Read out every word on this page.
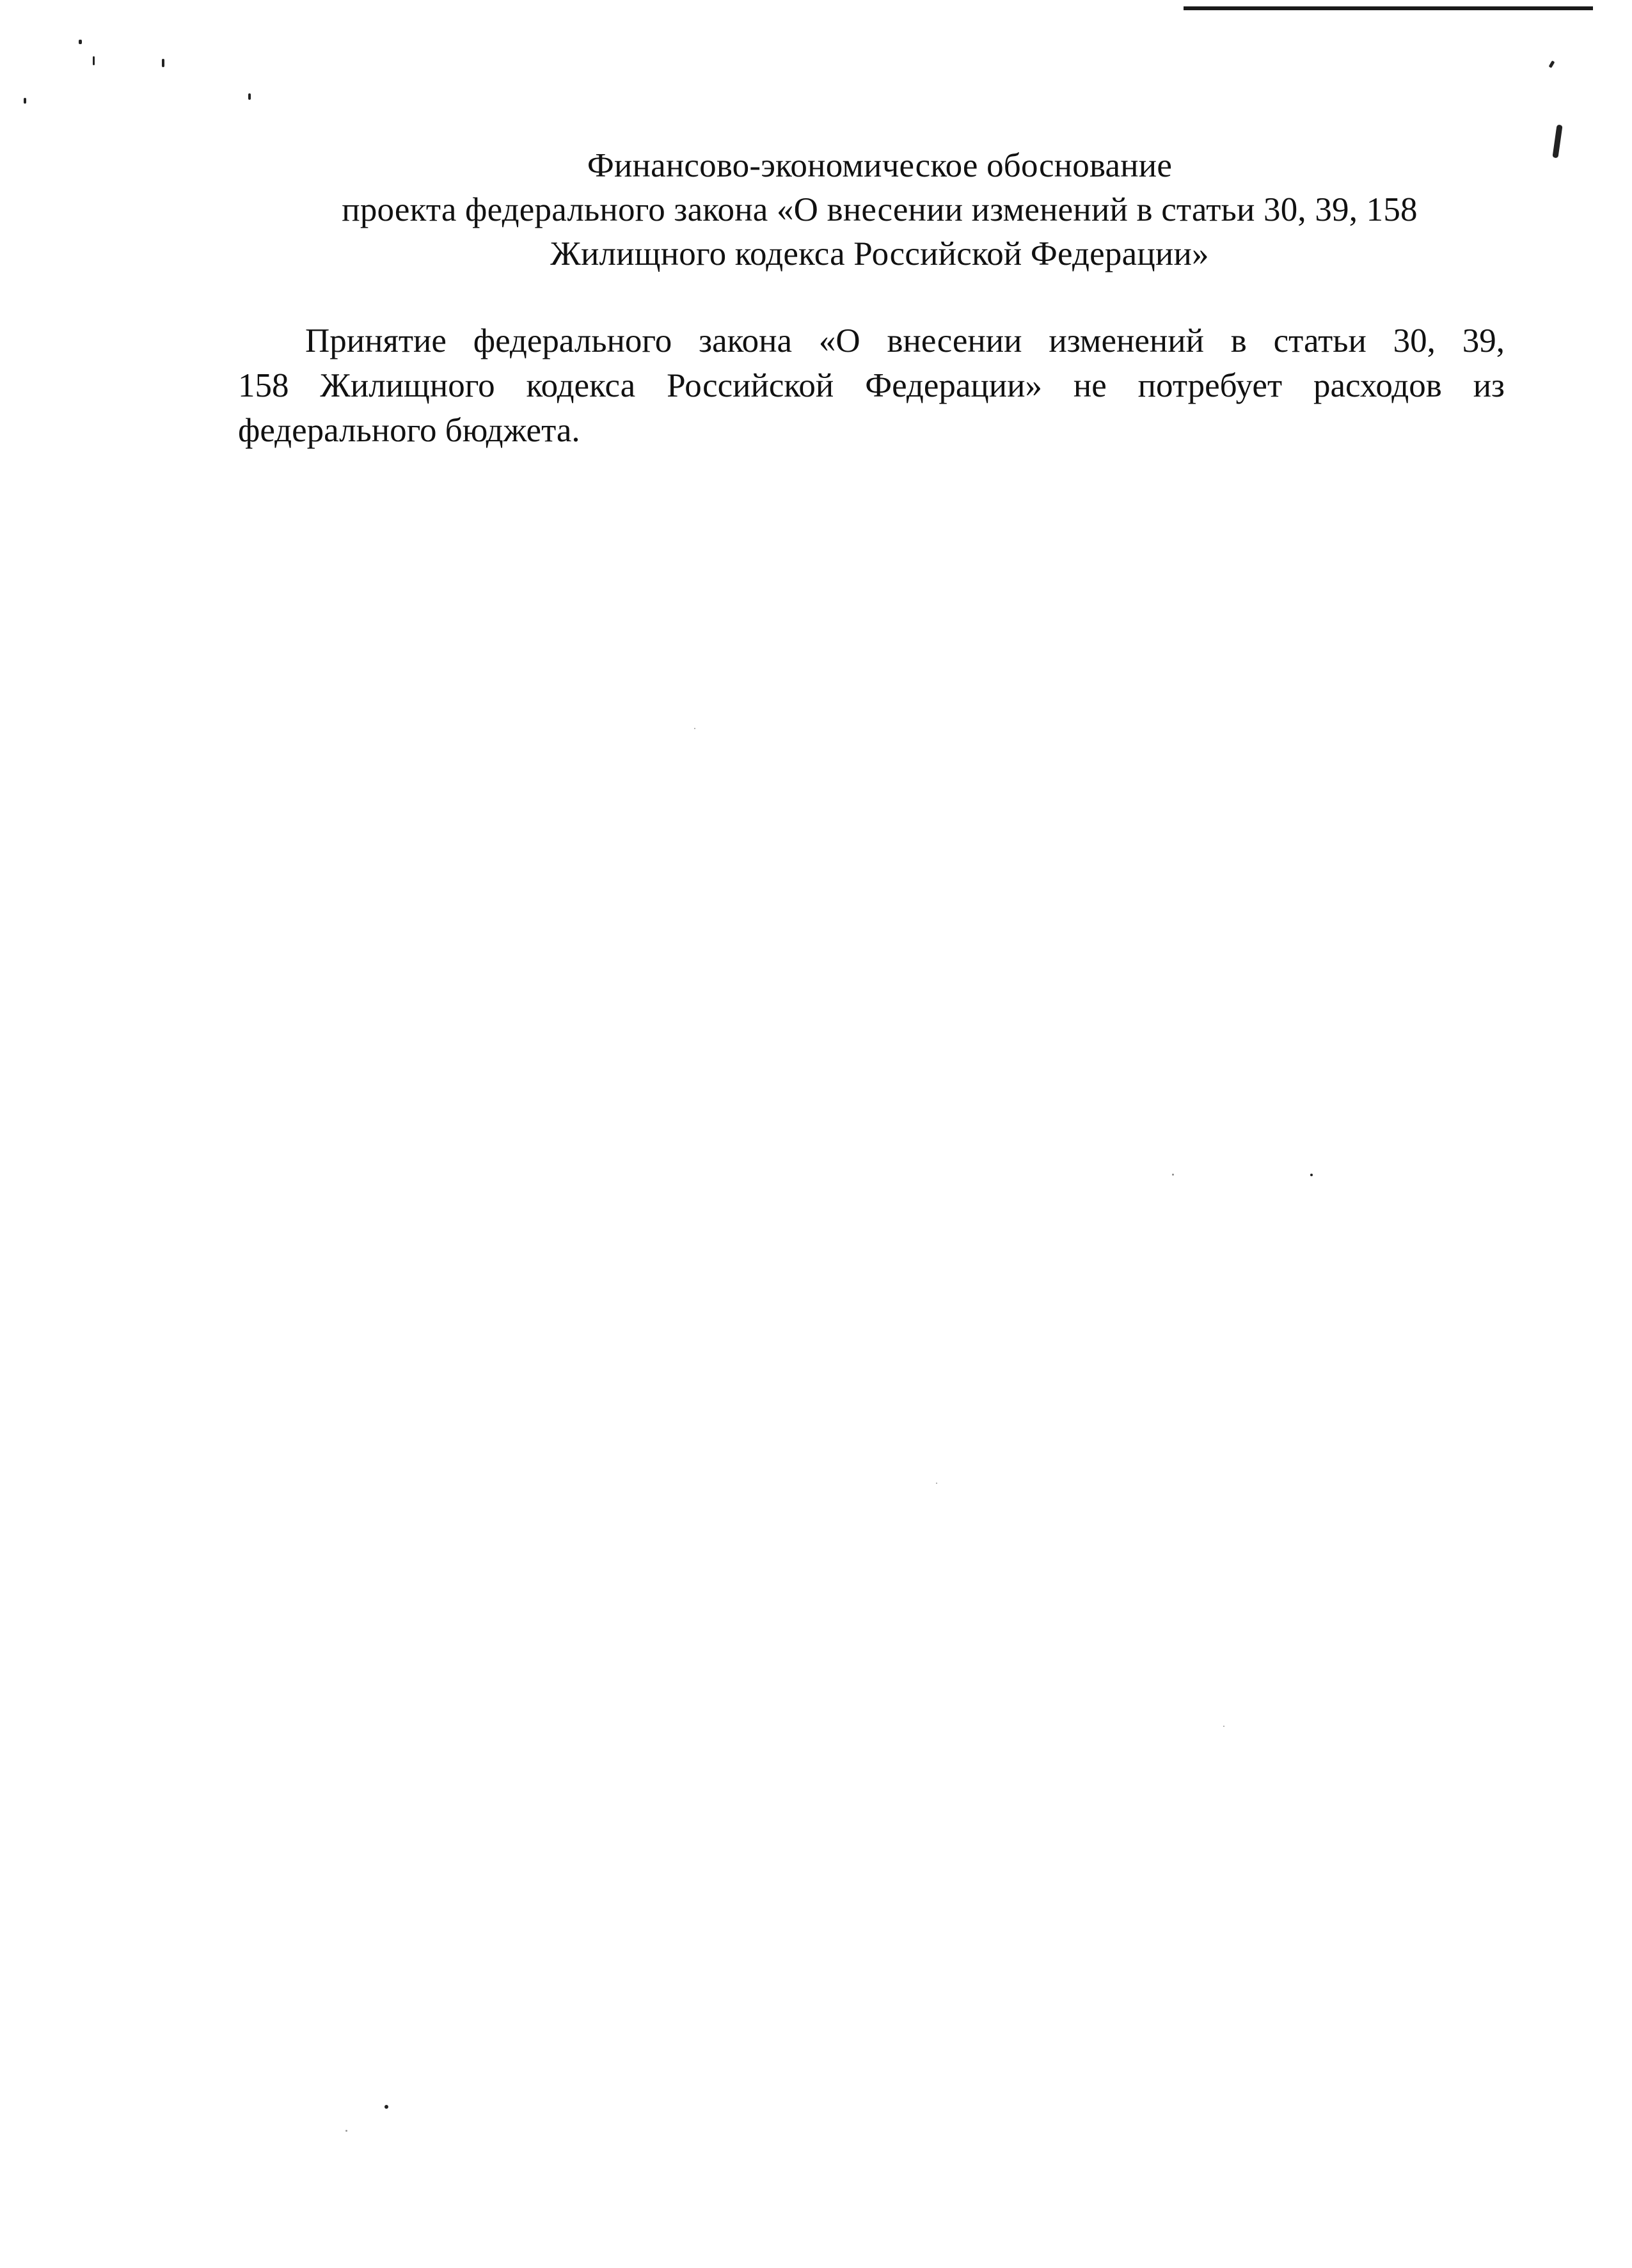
Финансово-экономическое обоснование
проекта федерального закона «О внесении изменений в статьи 30, 39, 158
Жилищного кодекса Российской Федерации»
Принятие федерального закона «О внесении изменений в статьи 30, 39,
158 Жилищного кодекса Российской Федерации» не потребует расходов из
федерального бюджета.
